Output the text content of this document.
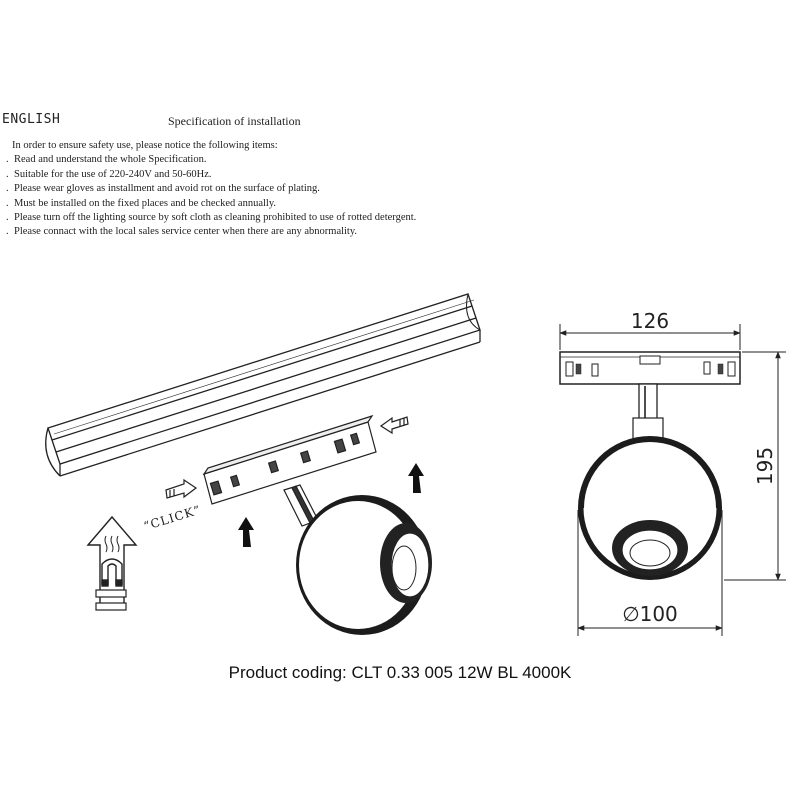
ENGLISH	Specification of installation
In order to ensure safety use, please notice the following items:
. Read and understand the whole Specification.
. Suitable for the use of 220-240V and 50-60Hz.
. Please wear gloves as installment and avoid rot on the surface of plating.
. Must be installed on the fixed places and be checked annually.
. Please turn off the lighting source by soft cloth as cleaning prohibited to use of rotted detergent.
. Please connact with the local sales service center when there are any abnormality.
126
195
∅100
“CLICK”
Product coding: CLT 0.33 005 12W BL 4000K
